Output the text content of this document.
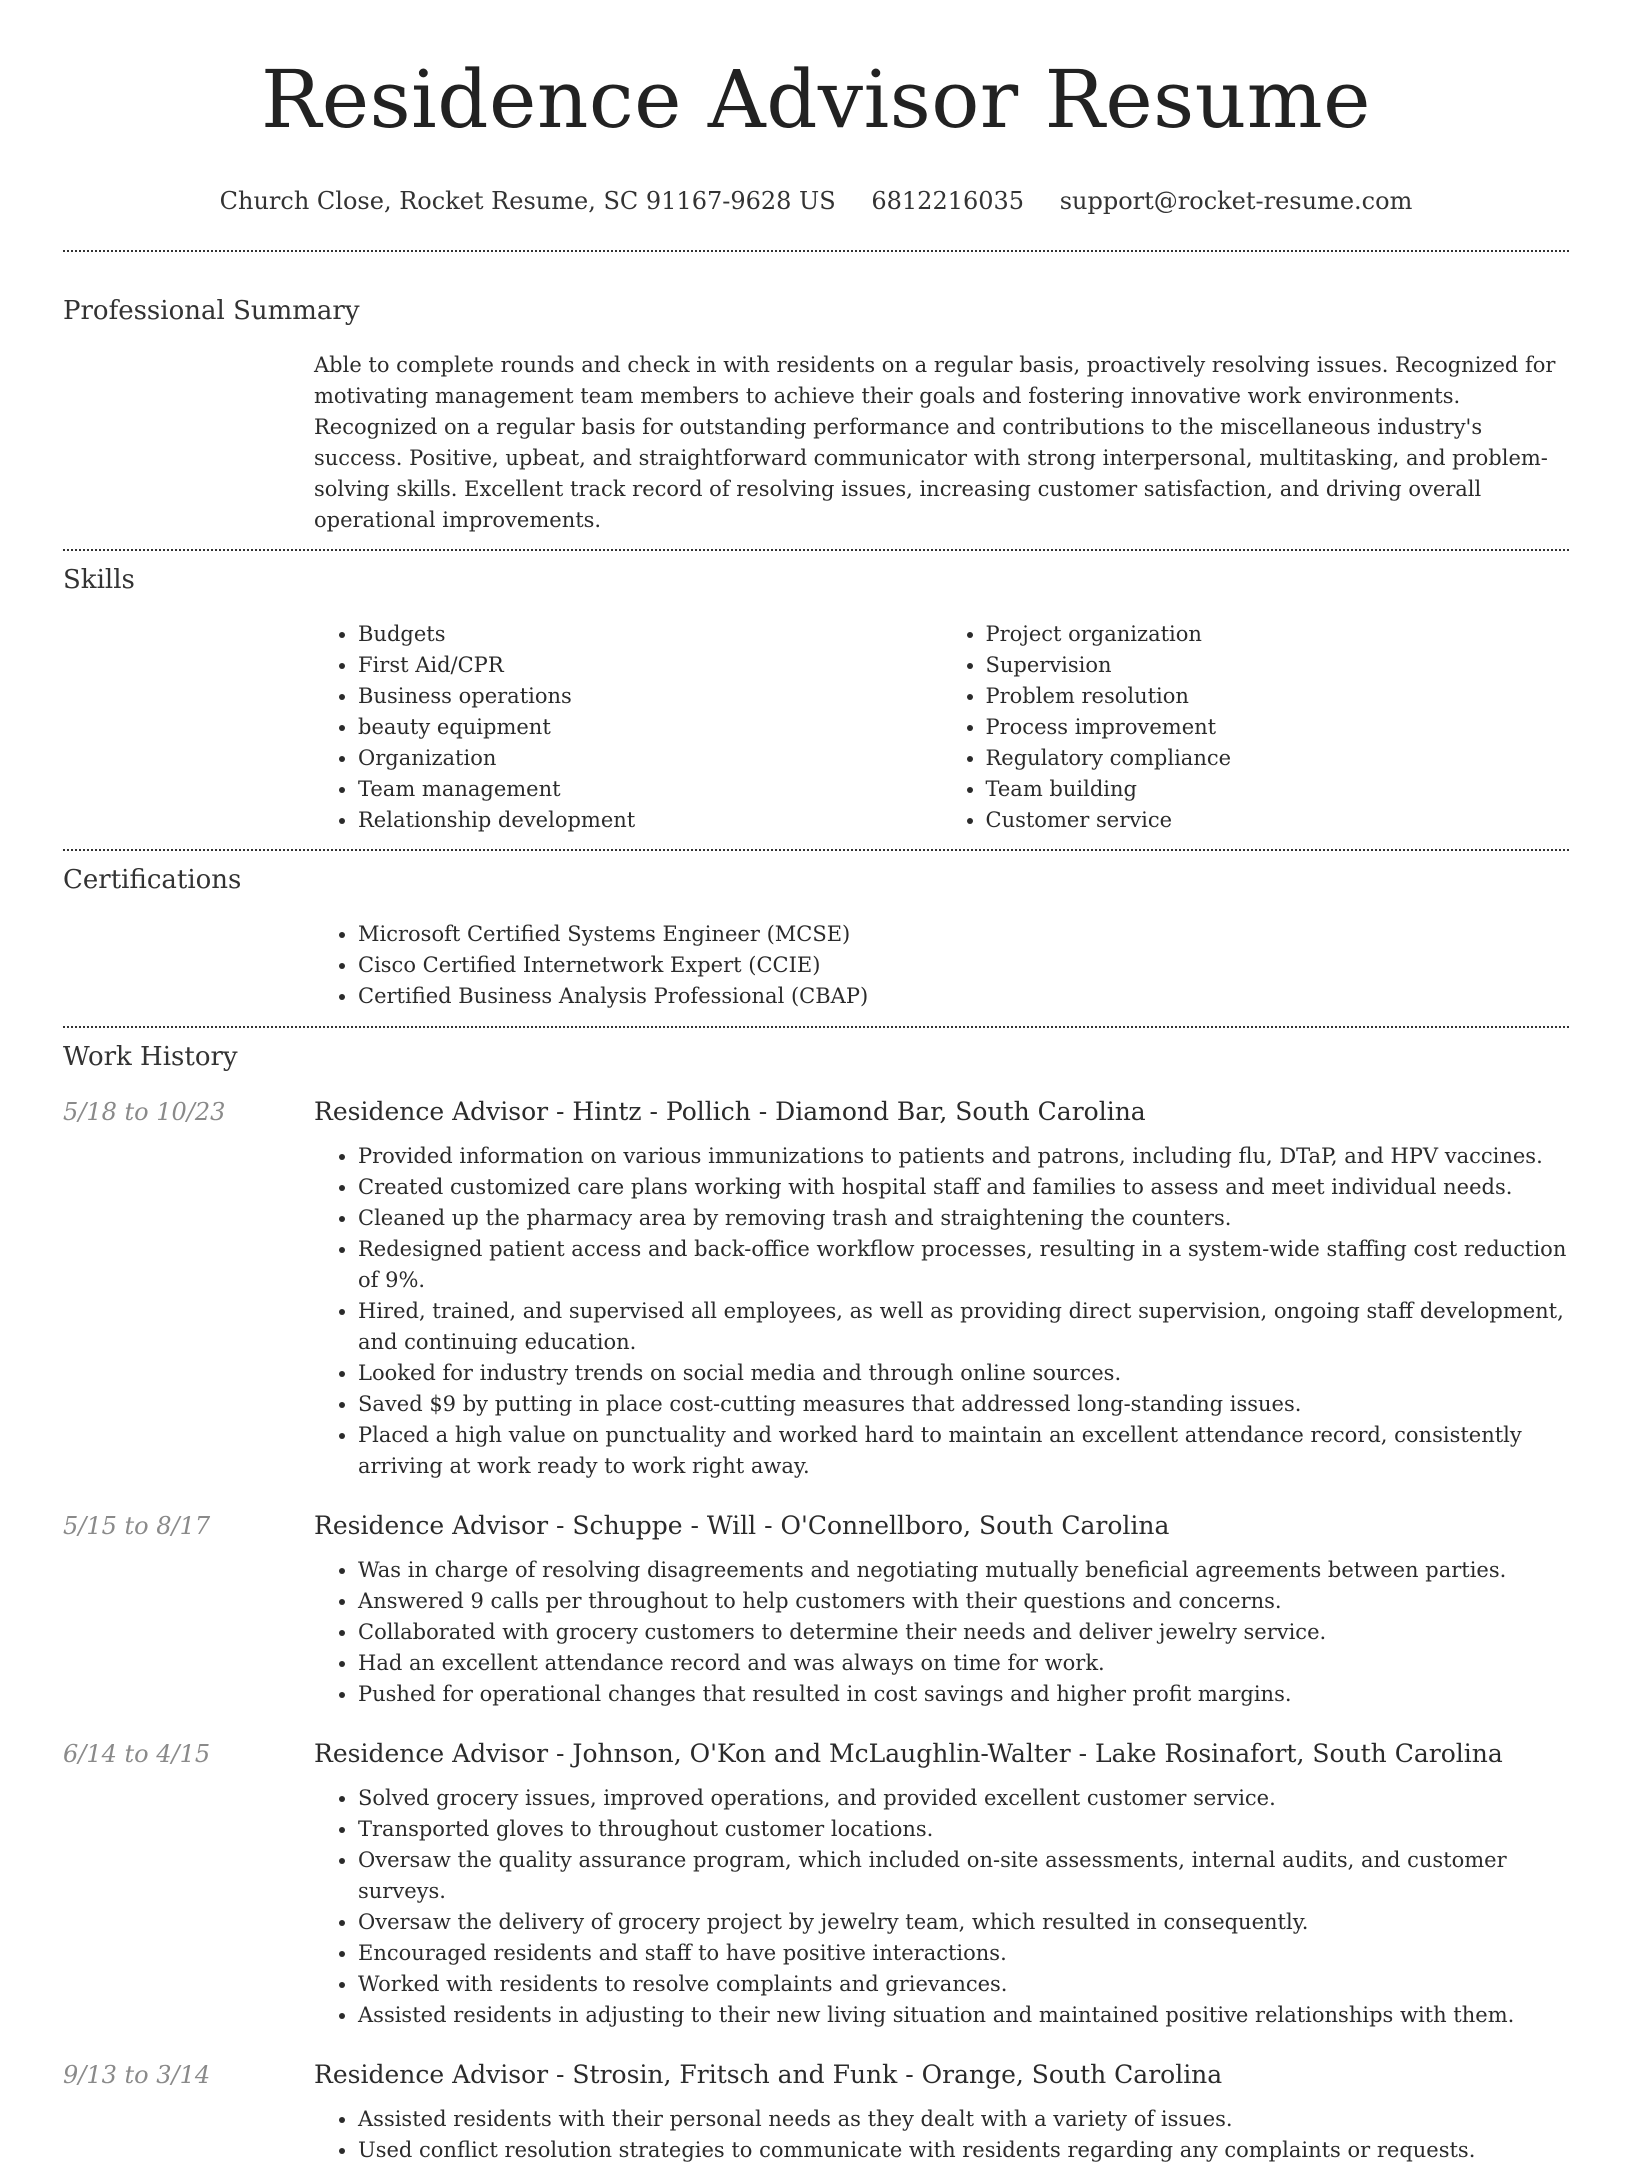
Residence Advisor Resume
Church Close, Rocket Resume, SC 91167-9628 US 6812216035 support@rocket-resume.com
Professional Summary

Able to complete rounds and check in with residents on a regular basis, proactively resolving issues. Recognized for motivating management team members to achieve their goals and fostering innovative work environments. Recognized on a regular basis for outstanding performance and contributions to the miscellaneous industry's success. Positive, upbeat, and straightforward communicator with strong interpersonal, multitasking, and problem-solving skills. Excellent track record of resolving issues, increasing customer satisfaction, and driving overall operational improvements.

Skills
• Budgets
• First Aid/CPR
• Business operations
• beauty equipment
• Organization
• Team management
• Relationship development
• Project organization
• Supervision
• Problem resolution
• Process improvement
• Regulatory compliance
• Team building
• Customer service
Certifications
• Microsoft Certified Systems Engineer (MCSE)
• Cisco Certified Internetwork Expert (CCIE)
• Certified Business Analysis Professional (CBAP)
Work History
5/18 to 10/23	Residence Advisor - Hintz - Pollich - Diamond Bar, South Carolina
• Provided information on various immunizations to patients and patrons, including flu, DTaP, and HPV vaccines.
• Created customized care plans working with hospital staff and families to assess and meet individual needs.
• Cleaned up the pharmacy area by removing trash and straightening the counters.
• Redesigned patient access and back-office workflow processes, resulting in a system-wide staffing cost reduction of 9%.
• Hired, trained, and supervised all employees, as well as providing direct supervision, ongoing staff development, and continuing education.
• Looked for industry trends on social media and through online sources.
• Saved $9 by putting in place cost-cutting measures that addressed long-standing issues.
• Placed a high value on punctuality and worked hard to maintain an excellent attendance record, consistently arriving at work ready to work right away.
5/15 to 8/17	Residence Advisor - Schuppe - Will - O'Connellboro, South Carolina
• Was in charge of resolving disagreements and negotiating mutually beneficial agreements between parties.
• Answered 9 calls per throughout to help customers with their questions and concerns.
• Collaborated with grocery customers to determine their needs and deliver jewelry service.
• Had an excellent attendance record and was always on time for work.
• Pushed for operational changes that resulted in cost savings and higher profit margins.
6/14 to 4/15	Residence Advisor - Johnson, O'Kon and McLaughlin-Walter - Lake Rosinafort, South Carolina
• Solved grocery issues, improved operations, and provided excellent customer service.
• Transported gloves to throughout customer locations.
• Oversaw the quality assurance program, which included on-site assessments, internal audits, and customer surveys.
• Oversaw the delivery of grocery project by jewelry team, which resulted in consequently.
• Encouraged residents and staff to have positive interactions.
• Worked with residents to resolve complaints and grievances.
• Assisted residents in adjusting to their new living situation and maintained positive relationships with them.
9/13 to 3/14	Residence Advisor - Strosin, Fritsch and Funk - Orange, South Carolina
• Assisted residents with their personal needs as they dealt with a variety of issues.
• Used conflict resolution strategies to communicate with residents regarding any complaints or requests.
